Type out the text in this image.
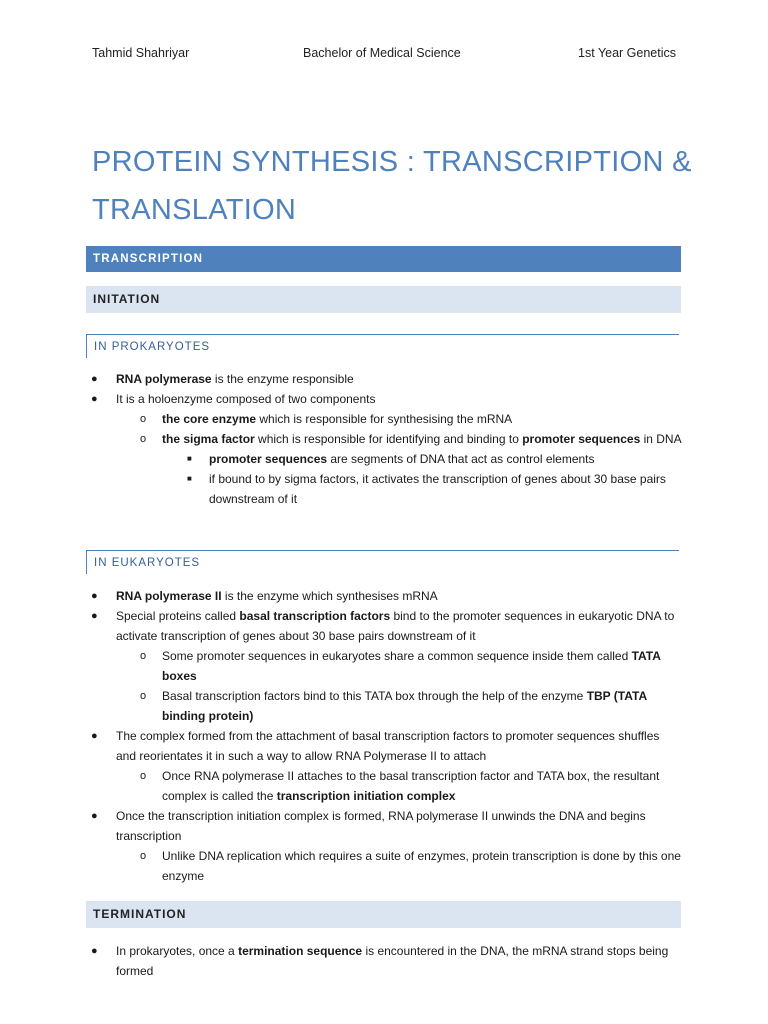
Tahmid Shahriyar	Bachelor of Medical Science	1st Year Genetics
PROTEIN SYNTHESIS : TRANSCRIPTION & TRANSLATION
TRANSCRIPTION
INITATION
IN PROKARYOTES
● RNA polymerase is the enzyme responsible
● It is a holoenzyme composed of two components
o the core enzyme which is responsible for synthesising the mRNA
o the sigma factor which is responsible for identifying and binding to promoter sequences in DNA
■ promoter sequences are segments of DNA that act as control elements
■ if bound to by sigma factors, it activates the transcription of genes about 30 base pairs downstream of it
IN EUKARYOTES
● RNA polymerase II is the enzyme which synthesises mRNA
● Special proteins called basal transcription factors bind to the promoter sequences in eukaryotic DNA to activate transcription of genes about 30 base pairs downstream of it
o Some promoter sequences in eukaryotes share a common sequence inside them called TATA boxes
o Basal transcription factors bind to this TATA box through the help of the enzyme TBP (TATA binding protein)
● The complex formed from the attachment of basal transcription factors to promoter sequences shuffles and reorientates it in such a way to allow RNA Polymerase II to attach
o Once RNA polymerase II attaches to the basal transcription factor and TATA box, the resultant complex is called the transcription initiation complex
● Once the transcription initiation complex is formed, RNA polymerase II unwinds the DNA and begins transcription
o Unlike DNA replication which requires a suite of enzymes, protein transcription is done by this one enzyme
TERMINATION
● In prokaryotes, once a termination sequence is encountered in the DNA, the mRNA strand stops being formed
